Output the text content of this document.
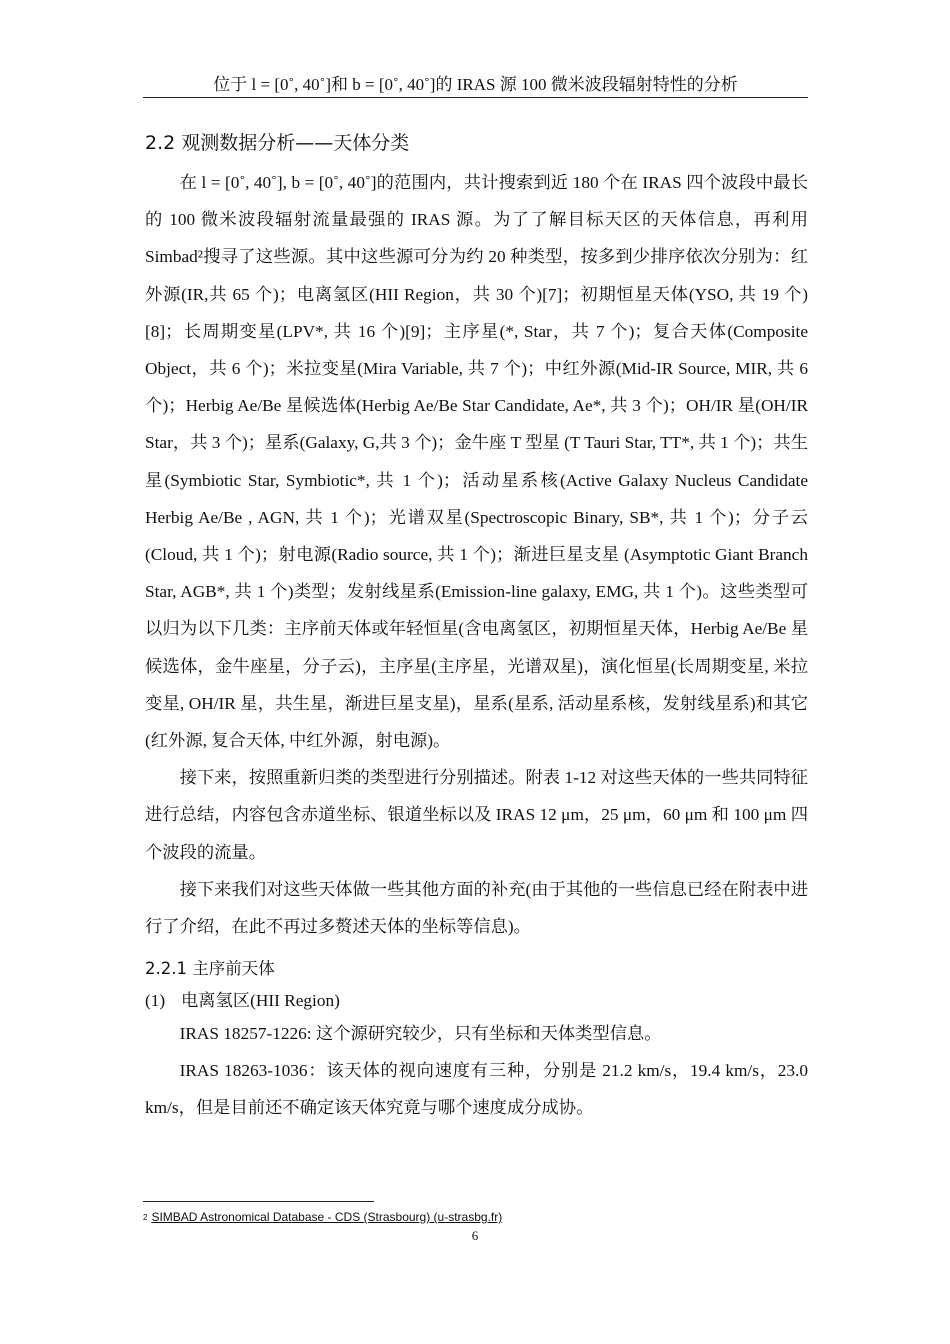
位于 l = [0˚, 40˚]和 b = [0˚, 40˚]的 IRAS 源 100 微米波段辐射特性的分析
2.2 观测数据分析——天体分类

在 l = [0˚, 40˚], b = [0˚, 40˚]的范围内，共计搜索到近 180 个在 IRAS 四个波段中最长的 100 微米波段辐射流量最强的 IRAS 源。为了了解目标天区的天体信息，再利用 Simbad²搜寻了这些源。其中这些源可分为约 20 种类型，按多到少排序依次分别为：红外源(IR,共 65 个)；电离氢区(HII Region，共 30 个)[7]；初期恒星天体(YSO, 共 19 个)[8]；长周期变星(LPV*, 共 16 个)[9]；主序星(*, Star，共 7 个)；复合天体(Composite Object，共 6 个)；米拉变星(Mira Variable, 共 7 个)；中红外源(Mid-IR Source, MIR, 共 6 个)；Herbig Ae/Be 星候选体(Herbig Ae/Be Star Candidate, Ae*, 共 3 个)；OH/IR 星(OH/IR Star，共 3 个)；星系(Galaxy, G,共 3 个)；金牛座 T 型星 (T Tauri Star, TT*, 共 1 个)；共生星(Symbiotic Star, Symbiotic*, 共 1 个)；活动星系核(Active Galaxy Nucleus Candidate Herbig Ae/Be , AGN, 共 1 个)；光谱双星(Spectroscopic Binary, SB*, 共 1 个)；分子云(Cloud, 共 1 个)；射电源(Radio source, 共 1 个)；渐进巨星支星 (Asymptotic Giant Branch Star, AGB*, 共 1 个)类型；发射线星系(Emission-line galaxy, EMG, 共 1 个)。这些类型可以归为以下几类：主序前天体或年轻恒星(含电离氢区，初期恒星天体，Herbig Ae/Be 星候选体，金牛座星，分子云)，主序星(主序星，光谱双星)，演化恒星(长周期变星, 米拉变星, OH/IR 星，共生星，渐进巨星支星)，星系(星系, 活动星系核，发射线星系)和其它(红外源, 复合天体, 中红外源，射电源)。

接下来，按照重新归类的类型进行分别描述。附表 1-12 对这些天体的一些共同特征进行总结，内容包含赤道坐标、银道坐标以及 IRAS 12 μm，25 μm，60 μm 和 100 μm 四个波段的流量。

接下来我们对这些天体做一些其他方面的补充(由于其他的一些信息已经在附表中进行了介绍，在此不再过多赘述天体的坐标等信息)。

2.2.1 主序前天体

(1) 电离氢区(HII Region)

IRAS 18257-1226: 这个源研究较少，只有坐标和天体类型信息。

IRAS 18263-1036：该天体的视向速度有三种，分别是 21.2 km/s，19.4 km/s，23.0 km/s，但是目前还不确定该天体究竟与哪个速度成分成协。

$^2$ SIMBAD Astronomical Database - CDS (Strasbourg) (u-strasbg.fr)
6
